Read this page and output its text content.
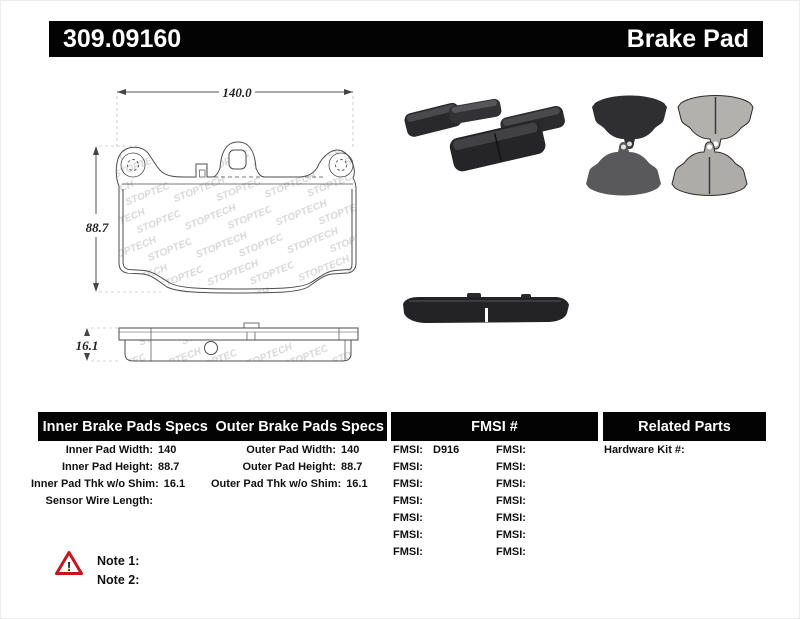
309.09160	Brake Pad
140.0
88.7
16.1
Inner Brake Pads Specs Outer Brake Pads Specs	FMSI #	Related Parts
Inner Pad Width: 140
Inner Pad Height: 88.7
Inner Pad Thk w/o Shim: 16.1
Sensor Wire Length:
Outer Pad Width: 140
Outer Pad Height: 88.7
Outer Pad Thk w/o Shim: 16.1
FMSI: D916
FMSI:
FMSI:
FMSI:
FMSI:
FMSI:
FMSI:
FMSI:
FMSI:
FMSI:
FMSI:
FMSI:
FMSI:
FMSI:
Hardware Kit #:
! Note 1:
Note 2:
